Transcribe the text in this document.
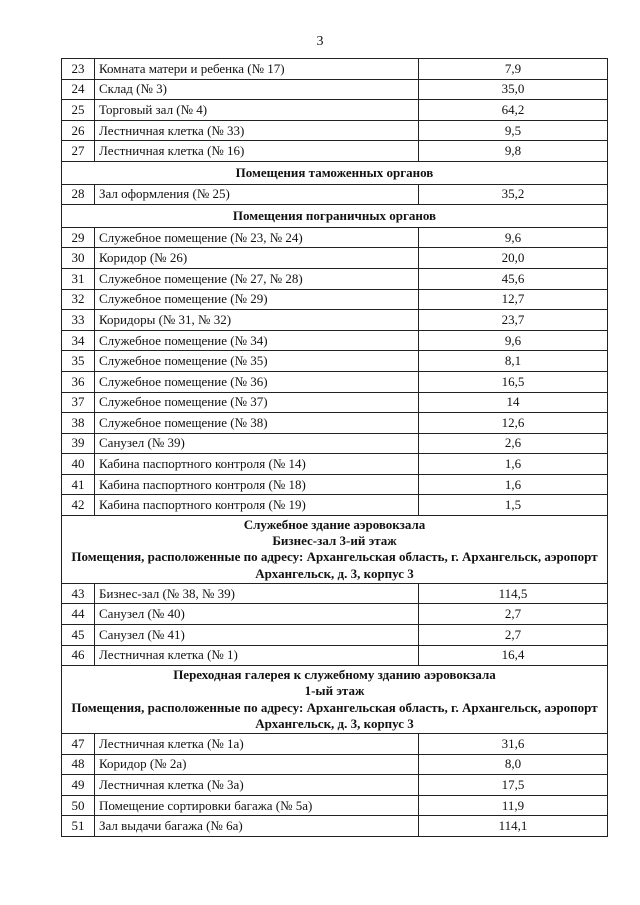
3
23	Комната матери и ребенка (№ 17)	7,9
24	Склад (№ 3)	35,0
25	Торговый зал (№ 4)	64,2
26	Лестничная клетка (№ 33)	9,5
27	Лестничная клетка (№ 16)	9,8

Помещения таможенных органов		

28	Зал оформления (№ 25)	35,2

Помещения пограничных органов		

29	Служебное помещение (№ 23, № 24)	9,6
30	Коридор (№ 26)	20,0
31	Служебное помещение (№ 27, № 28)	45,6
32	Служебное помещение (№ 29)	12,7
33	Коридоры (№ 31, № 32)	23,7
34	Служебное помещение (№ 34)	9,6
35	Служебное помещение (№ 35)	8,1
36	Служебное помещение (№ 36)	16,5
37	Служебное помещение (№ 37)	14
38	Служебное помещение (№ 38)	12,6
39	Санузел (№ 39)	2,6
40	Кабина паспортного контроля (№ 14)	1,6
41	Кабина паспортного контроля (№ 18)	1,6
42	Кабина паспортного контроля (№ 19)	1,5

Служебное здание аэровокзала
Бизнес-зал 3-ий этаж
Помещения, расположенные по адресу: Архангельская область, г. Архангельск, аэропорт
Архангельск, д. 3, корпус 3		

43	Бизнес-зал (№ 38, № 39)	114,5
44	Санузел (№ 40)	2,7
45	Санузел (№ 41)	2,7
46	Лестничная клетка (№ 1)	16,4

Переходная галерея к служебному зданию аэровокзала
1-ый этаж
Помещения, расположенные по адресу: Архангельская область, г. Архангельск, аэропорт
Архангельск, д. 3, корпус 3		

47	Лестничная клетка (№ 1а)	31,6
48	Коридор (№ 2а)	8,0
49	Лестничная клетка (№ 3а)	17,5
50	Помещение сортировки багажа (№ 5а)	11,9
51	Зал выдачи багажа (№ 6а)	114,1
